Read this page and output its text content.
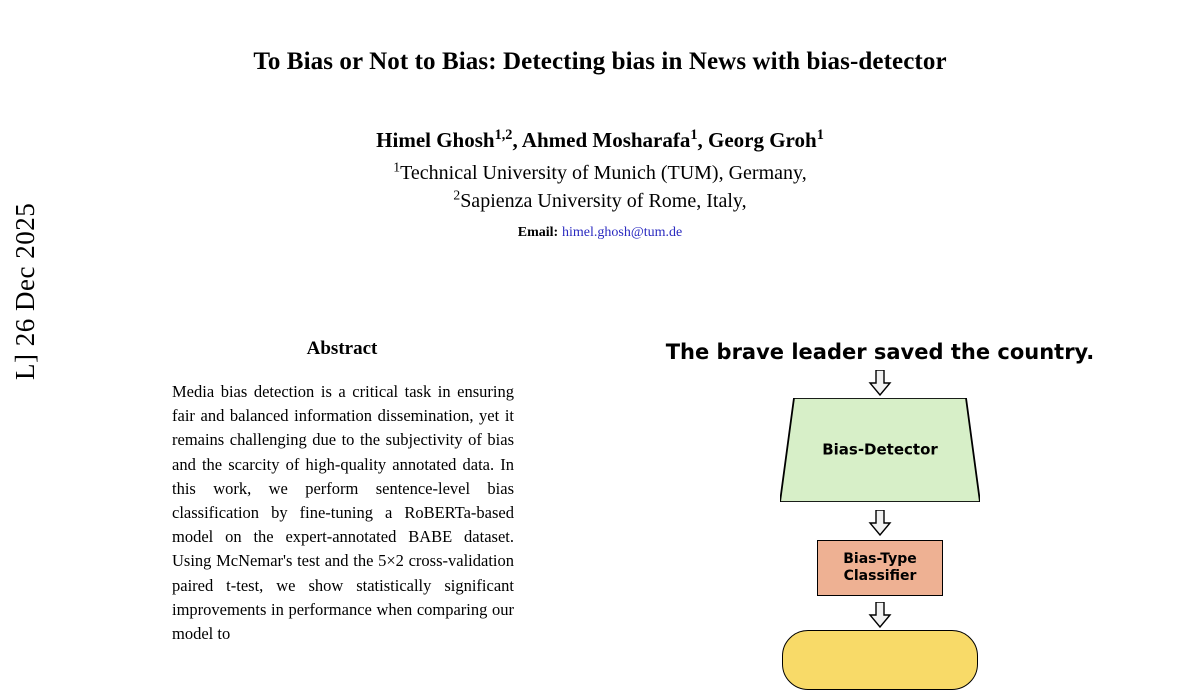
L] 26 Dec 2025
To Bias or Not to Bias: Detecting bias in News with bias-detector
Himel Ghosh$^{1,2}$, Ahmed Mosharafa$^1$, Georg Groh$^1$
$^1$Technical University of Munich (TUM), Germany,
$^2$Sapienza University of Rome, Italy,
Email: himel.ghosh@tum.de
Abstract
Media bias detection is a critical task in ensuring fair and balanced information dissemination, yet it remains challenging due to the subjectivity of bias and the scarcity of high-quality annotated data. In this work, we perform sentence-level bias classification by fine-tuning a RoBERTa-based model on the expert-annotated BABE dataset. Using McNemar's test and the 5×2 cross-validation paired t-test, we show statistically significant improvements in performance when comparing our model to
The brave leader saved the country.
Bias-Detector
Bias-Type
Classifier
